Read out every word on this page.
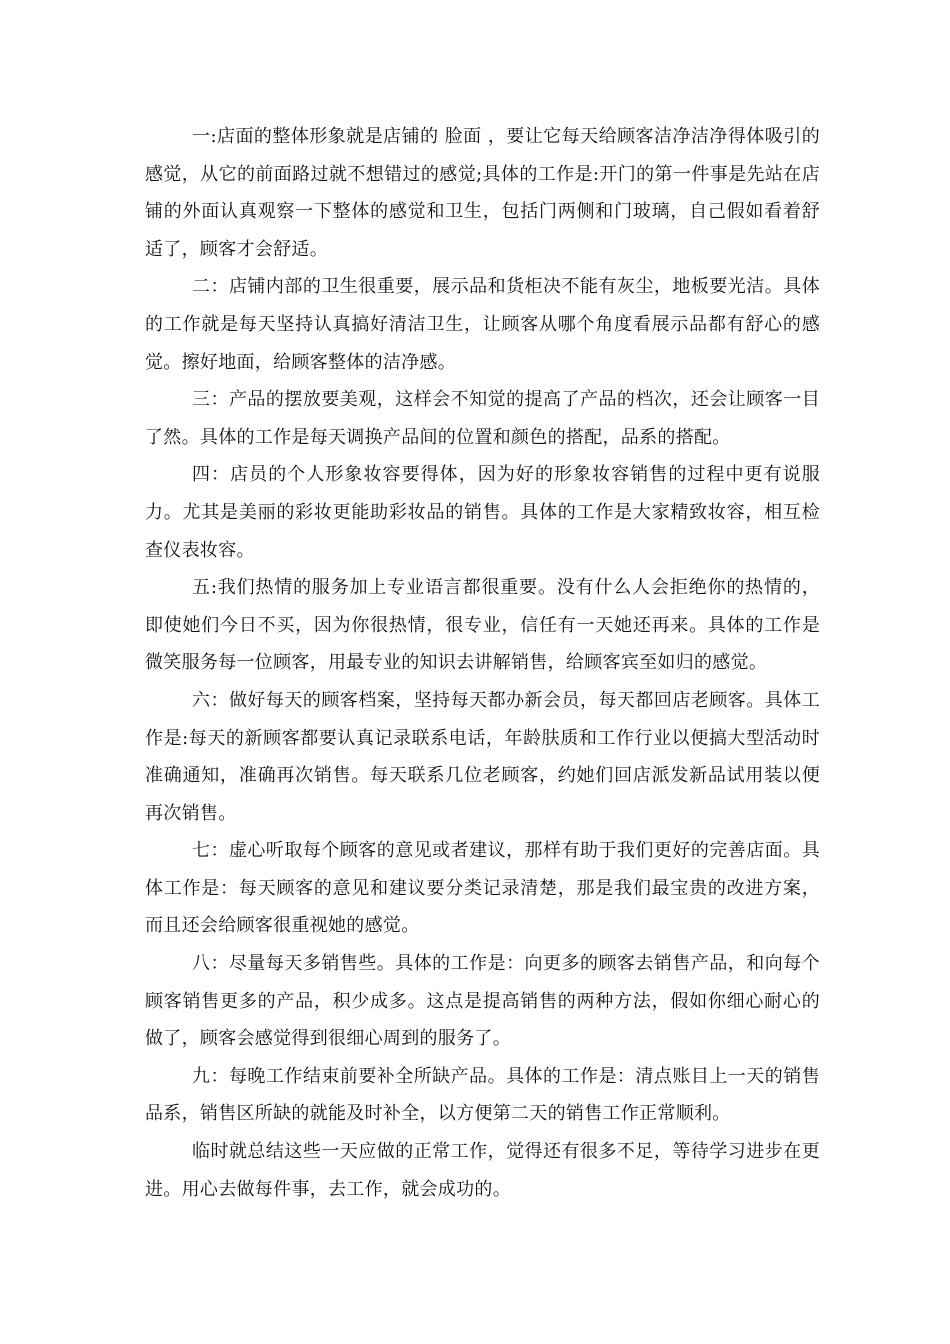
一:店面的整体形象就是店铺的 脸面 ，要让它每天给顾客洁净洁净得体吸引的感觉，从它的前面路过就不想错过的感觉;具体的工作是:开门的第一件事是先站在店铺的外面认真观察一下整体的感觉和卫生，包括门两侧和门玻璃，自己假如看着舒适了，顾客才会舒适。

二：店铺内部的卫生很重要，展示品和货柜决不能有灰尘，地板要光洁。具体的工作就是每天坚持认真搞好清洁卫生，让顾客从哪个角度看展示品都有舒心的感觉。擦好地面，给顾客整体的洁净感。

三：产品的摆放要美观，这样会不知觉的提高了产品的档次，还会让顾客一目了然。具体的工作是每天调换产品间的位置和颜色的搭配，品系的搭配。

四：店员的个人形象妆容要得体，因为好的形象妆容销售的过程中更有说服力。尤其是美丽的彩妆更能助彩妆品的销售。具体的工作是大家精致妆容，相互检查仪表妆容。

五:我们热情的服务加上专业语言都很重要。没有什么人会拒绝你的热情的，即使她们今日不买，因为你很热情，很专业，信任有一天她还再来。具体的工作是微笑服务每一位顾客，用最专业的知识去讲解销售，给顾客宾至如归的感觉。

六：做好每天的顾客档案，坚持每天都办新会员，每天都回店老顾客。具体工作是:每天的新顾客都要认真记录联系电话，年龄肤质和工作行业以便搞大型活动时准确通知，准确再次销售。每天联系几位老顾客，约她们回店派发新品试用装以便再次销售。

七：虚心听取每个顾客的意见或者建议，那样有助于我们更好的完善店面。具体工作是：每天顾客的意见和建议要分类记录清楚，那是我们最宝贵的改进方案，而且还会给顾客很重视她的感觉。

八：尽量每天多销售些。具体的工作是：向更多的顾客去销售产品，和向每个顾客销售更多的产品，积少成多。这点是提高销售的两种方法，假如你细心耐心的做了，顾客会感觉得到很细心周到的服务了。

九：每晚工作结束前要补全所缺产品。具体的工作是：清点账目上一天的销售品系，销售区所缺的就能及时补全，以方便第二天的销售工作正常顺利。

临时就总结这些一天应做的正常工作，觉得还有很多不足，等待学习进步在更进。用心去做每件事，去工作，就会成功的。
